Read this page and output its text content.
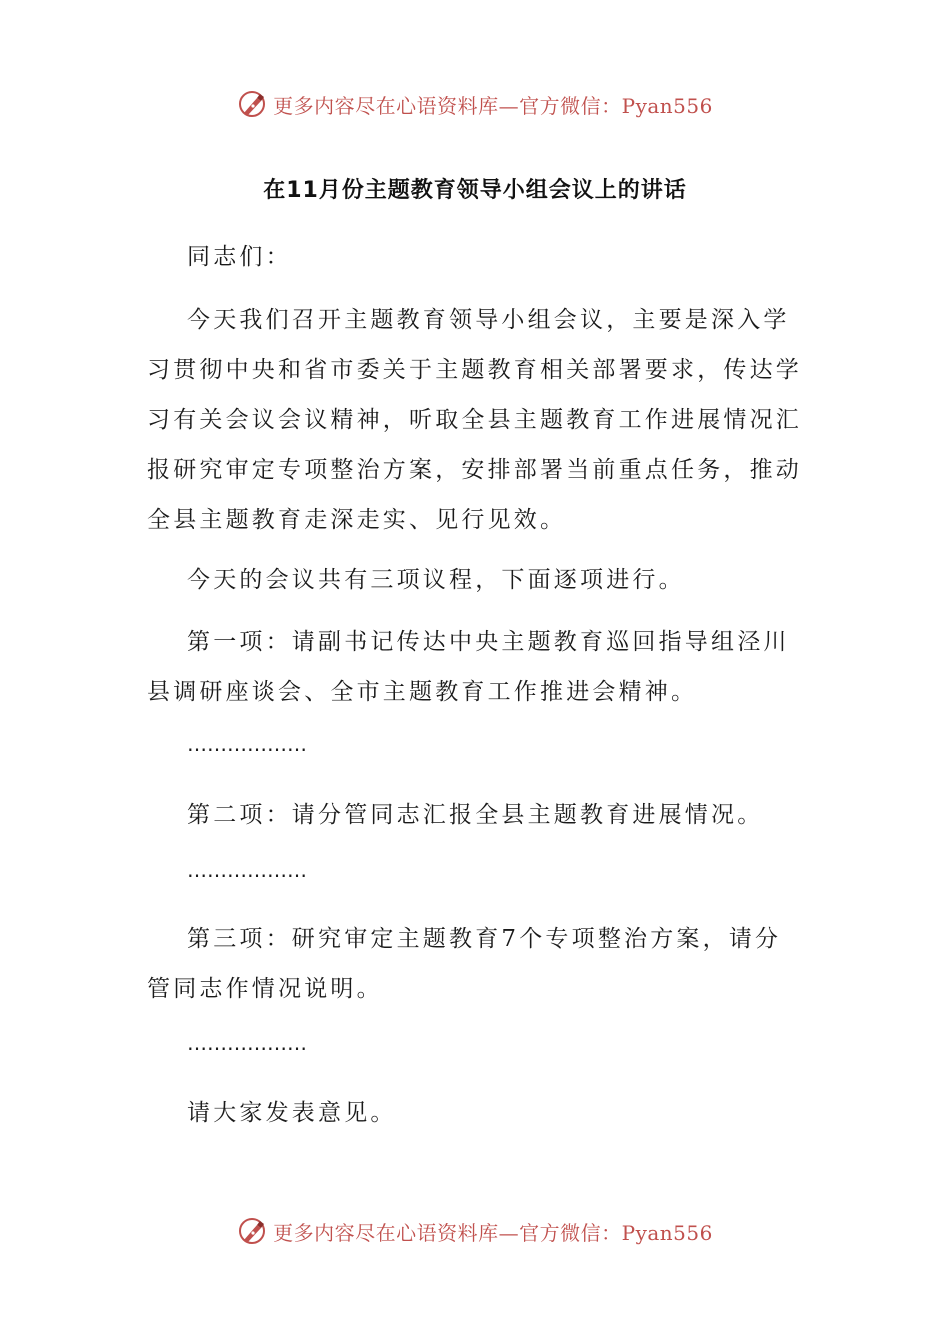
更多内容尽在心语资料库—官方微信：Pyan556
在11月份主题教育领导小组会议上的讲话
同志们：
今天我们召开主题教育领导小组会议，主要是深入学习贯彻中央和省市委关于主题教育相关部署要求，传达学习有关会议会议精神，听取全县主题教育工作进展情况汇报研究审定专项整治方案，安排部署当前重点任务，推动全县主题教育走深走实、见行见效。
今天的会议共有三项议程，下面逐项进行。
第一项：请副书记传达中央主题教育巡回指导组泾川县调研座谈会、全市主题教育工作推进会精神。
………………
第二项：请分管同志汇报全县主题教育进展情况。
………………
第三项：研究审定主题教育7个专项整治方案，请分管同志作情况说明。
………………
请大家发表意见。
更多内容尽在心语资料库—官方微信：Pyan556
